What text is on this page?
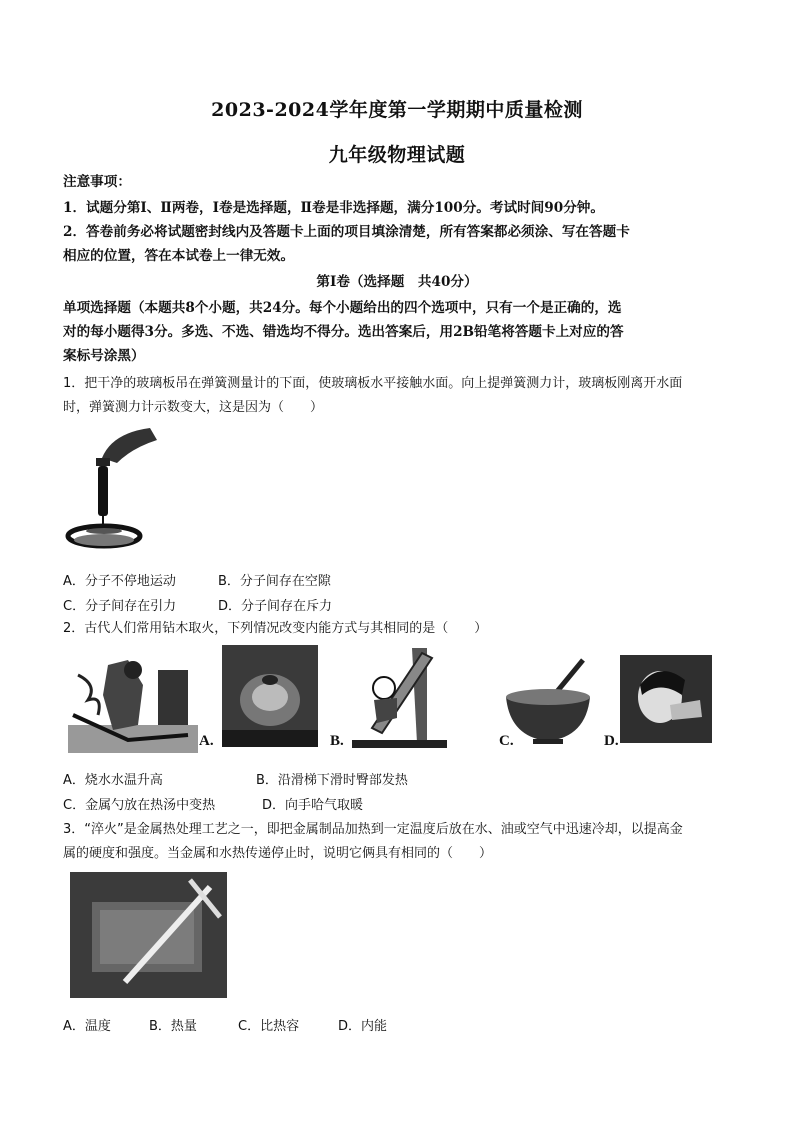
2023-2024学年度第一学期期中质量检测
九年级物理试题
注意事项：
1．试题分第Ⅰ、Ⅱ两卷，Ⅰ卷是选择题，Ⅱ卷是非选择题，满分100分。考试时间90分钟。
2．答卷前务必将试题密封线内及答题卡上面的项目填涂清楚，所有答案都必须涂、写在答题卡
相应的位置，答在本试卷上一律无效。
第Ⅰ卷（选择题　共40分）
单项选择题（本题共8个小题，共24分。每个小题给出的四个选项中，只有一个是正确的，选
对的每小题得3分。多选、不选、错选均不得分。选出答案后，用2B铅笔将答题卡上对应的答
案标号涂黑）
1．把干净的玻璃板吊在弹簧测量计的下面，使玻璃板水平接触水面。向上提弹簧测力计，玻璃板刚离开水面
时，弹簧测力计示数变大，这是因为（　　）
A．分子不停地运动	B．分子间存在空隙
C．分子间存在引力	D．分子间存在斥力
2．古代人们常用钻木取火，下列情况改变内能方式与其相同的是（　　）
A.	B.	C.	D.
A．烧水水温升高	B．沿滑梯下滑时臀部发热
C．金属勺放在热汤中变热	D．向手哈气取暖
3．“淬火”是金属热处理工艺之一，即把金属制品加热到一定温度后放在水、油或空气中迅速冷却，以提高金
属的硬度和强度。当金属和水热传递停止时，说明它俩具有相同的（　　）
A．温度	B．热量	C．比热容	D．内能
